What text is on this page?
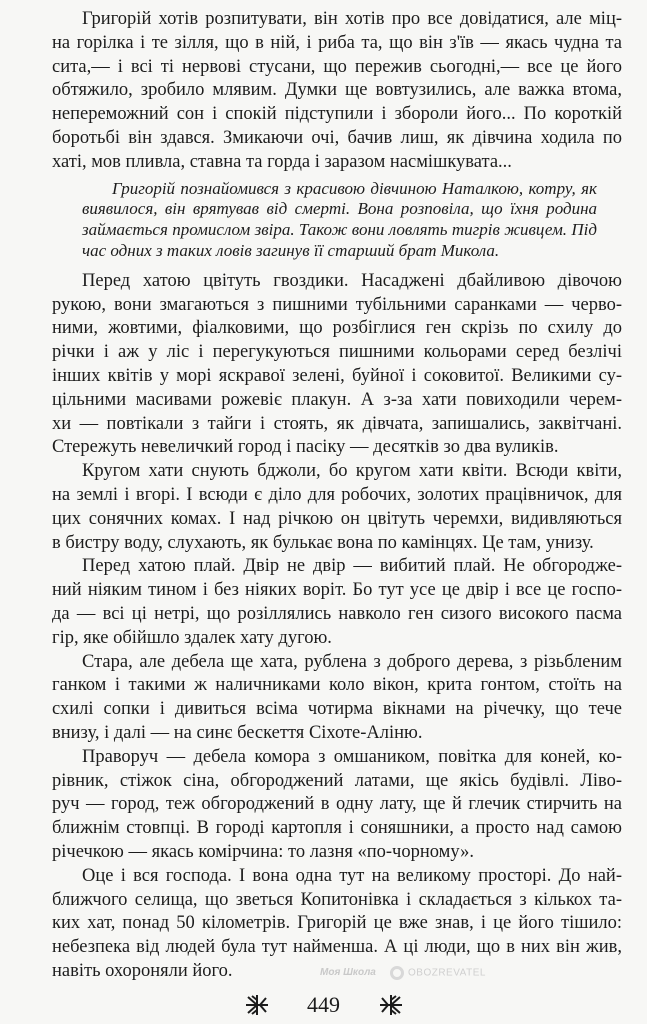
Григорій хотів розпитувати, він хотів про все довідатися, але міц-
на горілка і те зілля, що в ній, і риба та, що він з'їв — якась чудна та
сита,— і всі ті нервові стусани, що пережив сьогодні,— все це його
обтяжило, зробило млявим. Думки ще вовтузились, але важка втома,
непереможний сон і спокій підступили і зборoли його... По короткій
боротьбі він здався. Змикаючи очі, бачив лиш, як дівчина ходила по
хаті, мов пливла, ставна та горда і заразом насмішкувата...
Григорій познайомився з красивою дівчиною Наталкою, котру, як
виявилося, він врятував від смерті. Вона розповіла, що їхня родина
займається промислом звіра. Також вони ловлять тигрів живцем. Під
час одних з таких ловів загинув її старший брат Микола.
Перед хатою цвітуть гвоздики. Насаджені дбайливою дівочою
рукою, вони змагаються з пишними тубільними саранками — черво-
ними, жовтими, фіалковими, що розбіглися ген скрізь по схилу до
річки і аж у ліс і перегукуються пишними кольорами серед безлічі
інших квітів у морі яскравої зелені, буйної і соковитої. Великими су-
цільними масивами рожевіє плакун. А з-за хати повиходили черем-
хи — повтікали з тайги і стоять, як дівчата, запишались, заквітчані.
Стережуть невеличкий город і пасіку — десятків зо два вуликів.
Кругом хати снують бджоли, бо кругом хати квіти. Всюди квіти,
на землі і вгорі. І всюди є діло для робочих, золотих працівничок, для
цих сонячних комах. І над річкою он цвітуть черемхи, видивляються
в бистру воду, слухають, як булькає вона по камінцях. Це там, унизу.
Перед хатою плай. Двір не двір — вибитий плай. Не обгородже-
ний ніяким тином і без ніяких воріт. Бо тут усе це двір і все це госпо-
да — всі ці нетрі, що розіллялись навколо ген сизого високого пасма
гір, яке обійшло здалек хату дугою.
Стара, але дебела ще хата, рублена з доброго дерева, з різьбленим
ганком і такими ж наличниками коло вікон, крита гонтом, стоїть на
схилі сопки і дивиться всіма чотирма вікнами на річечку, що тече
внизу, і далі — на синє бескеття Сіхоте-Аліню.
Праворуч — дебела комора з омшаником, повітка для коней, ко-
рівник, стіжок сіна, обгороджений латами, ще якісь будівлі. Ліво-
руч — город, теж обгороджений в одну лату, ще й глечик стирчить на
ближнім стовпці. В городі картопля і соняшники, а просто над самою
річечкою — якась комірчина: то лазня «по-чорному».
Оце і вся господа. І вона одна тут на великому просторі. До най-
ближчого селища, що зветься Копитонівка і складається з кількох та-
ких хат, понад 50 кілометрів. Григорій це вже знав, і це його тішило:
небезпека від людей була тут найменша. А ці люди, що в них він жив,
навіть охороняли його.	Моя Школа	OBOZREVATEL
449
